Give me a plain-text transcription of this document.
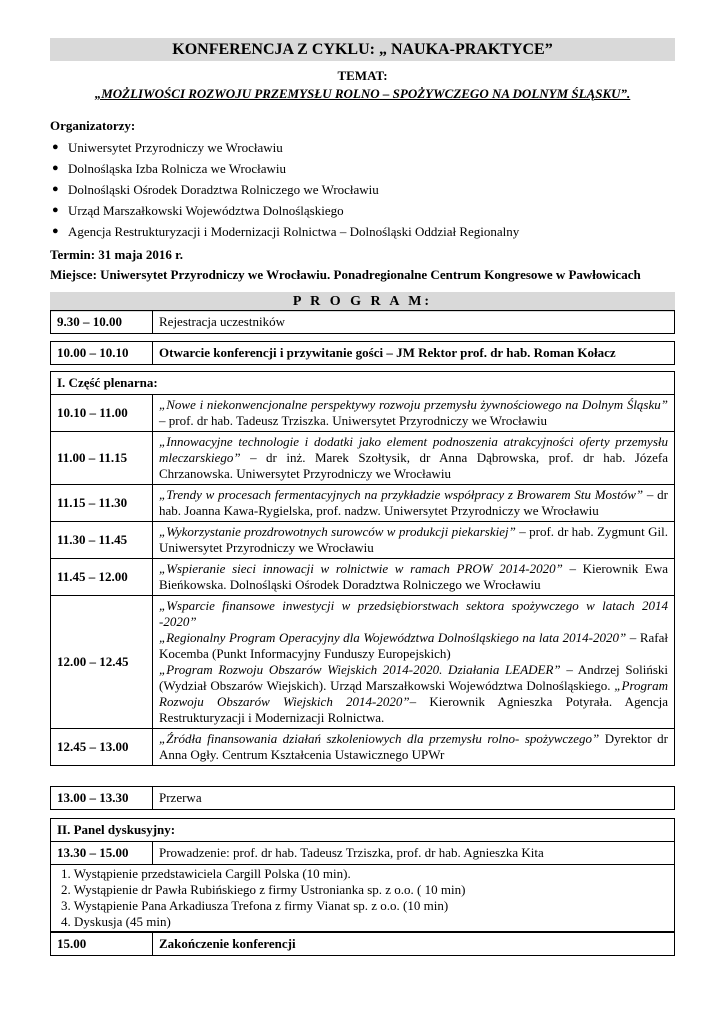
KONFERENCJA Z CYKLU: „ NAUKA-PRAKTYCE”
TEMAT:
„MOŻLIWOŚCI ROZWOJU PRZEMYSŁU ROLNO – SPOŻYWCZEGO NA DOLNYM ŚLĄSKU”.
Organizatorzy:
● Uniwersytet Przyrodniczy we Wrocławiu
● Dolnośląska Izba Rolnicza we Wrocławiu
● Dolnośląski Ośrodek Doradztwa Rolniczego we Wrocławiu
● Urząd Marszałkowski Województwa Dolnośląskiego
● Agencja Restrukturyzacji i Modernizacji Rolnictwa – Dolnośląski Oddział Regionalny
Termin: 31 maja 2016 r.
Miejsce: Uniwersytet Przyrodniczy we Wrocławiu. Ponadregionalne Centrum Kongresowe w Pawłowicach
P R O G R A M:
9.30 – 10.00	Rejestracja uczestników
10.00 – 10.10	Otwarcie konferencji i przywitanie gości – JM Rektor prof. dr hab. Roman Kołacz
I. Część plenarna:	
10.10 – 11.00	„Nowe i niekonwencjonalne perspektywy rozwoju przemysłu żywnościowego na Dolnym Śląsku” – prof. dr hab. Tadeusz Trziszka. Uniwersytet Przyrodniczy we Wrocławiu
11.00 – 11.15	„Innowacyjne technologie i dodatki jako element podnoszenia atrakcyjności oferty przemysłu mleczarskiego” – dr inż. Marek Szołtysik, dr Anna Dąbrowska, prof. dr hab. Józefa Chrzanowska. Uniwersytet Przyrodniczy we Wrocławiu
11.15 – 11.30	„Trendy w procesach fermentacyjnych na przykładzie współpracy z Browarem Stu Mostów” – dr hab. Joanna Kawa-Rygielska, prof. nadzw. Uniwersytet Przyrodniczy we Wrocławiu
11.30 – 11.45	„Wykorzystanie prozdrowotnych surowców w produkcji piekarskiej” – prof. dr hab. Zygmunt Gil. Uniwersytet Przyrodniczy we Wrocławiu
11.45 – 12.00	„Wspieranie sieci innowacji w rolnictwie w ramach PROW 2014-2020” – Kierownik Ewa Bieńkowska. Dolnośląski Ośrodek Doradztwa Rolniczego we Wrocławiu
12.00 – 12.45	„Wsparcie finansowe inwestycji w przedsiębiorstwach sektora spożywczego w latach 2014 -2020”
„Regionalny Program Operacyjny dla Województwa Dolnośląskiego na lata 2014-2020” – Rafał Kocemba (Punkt Informacyjny Funduszy Europejskich)
„Program Rozwoju Obszarów Wiejskich 2014-2020. Działania LEADER” – Andrzej Soliński (Wydział Obszarów Wiejskich). Urząd Marszałkowski Województwa Dolnośląskiego. „Program Rozwoju Obszarów Wiejskich 2014-2020”– Kierownik Agnieszka Potyrała. Agencja Restrukturyzacji i Modernizacji Rolnictwa.

12.45 – 13.00	„Źródła finansowania działań szkoleniowych dla przemysłu rolno- spożywczego” Dyrektor dr Anna Ogły. Centrum Kształcenia Ustawicznego UPWr
13.00 – 13.30	Przerwa
II. Panel dyskusyjny:
13.30 – 15.00	Prowadzenie: prof. dr hab. Tadeusz Trziszka, prof. dr hab. Agnieszka Kita

1. Wystąpienie przedstawiciela Cargill Polska (10 min).
2. Wystąpienie dr Pawła Rubińskiego z firmy Ustronianka sp. z o.o. ( 10 min)
3. Wystąpienie Pana Arkadiusza Trefona z firmy Vianat sp. z o.o. (10 min)
4. Dyskusja (45 min)
15.00	Zakończenie konferencji
